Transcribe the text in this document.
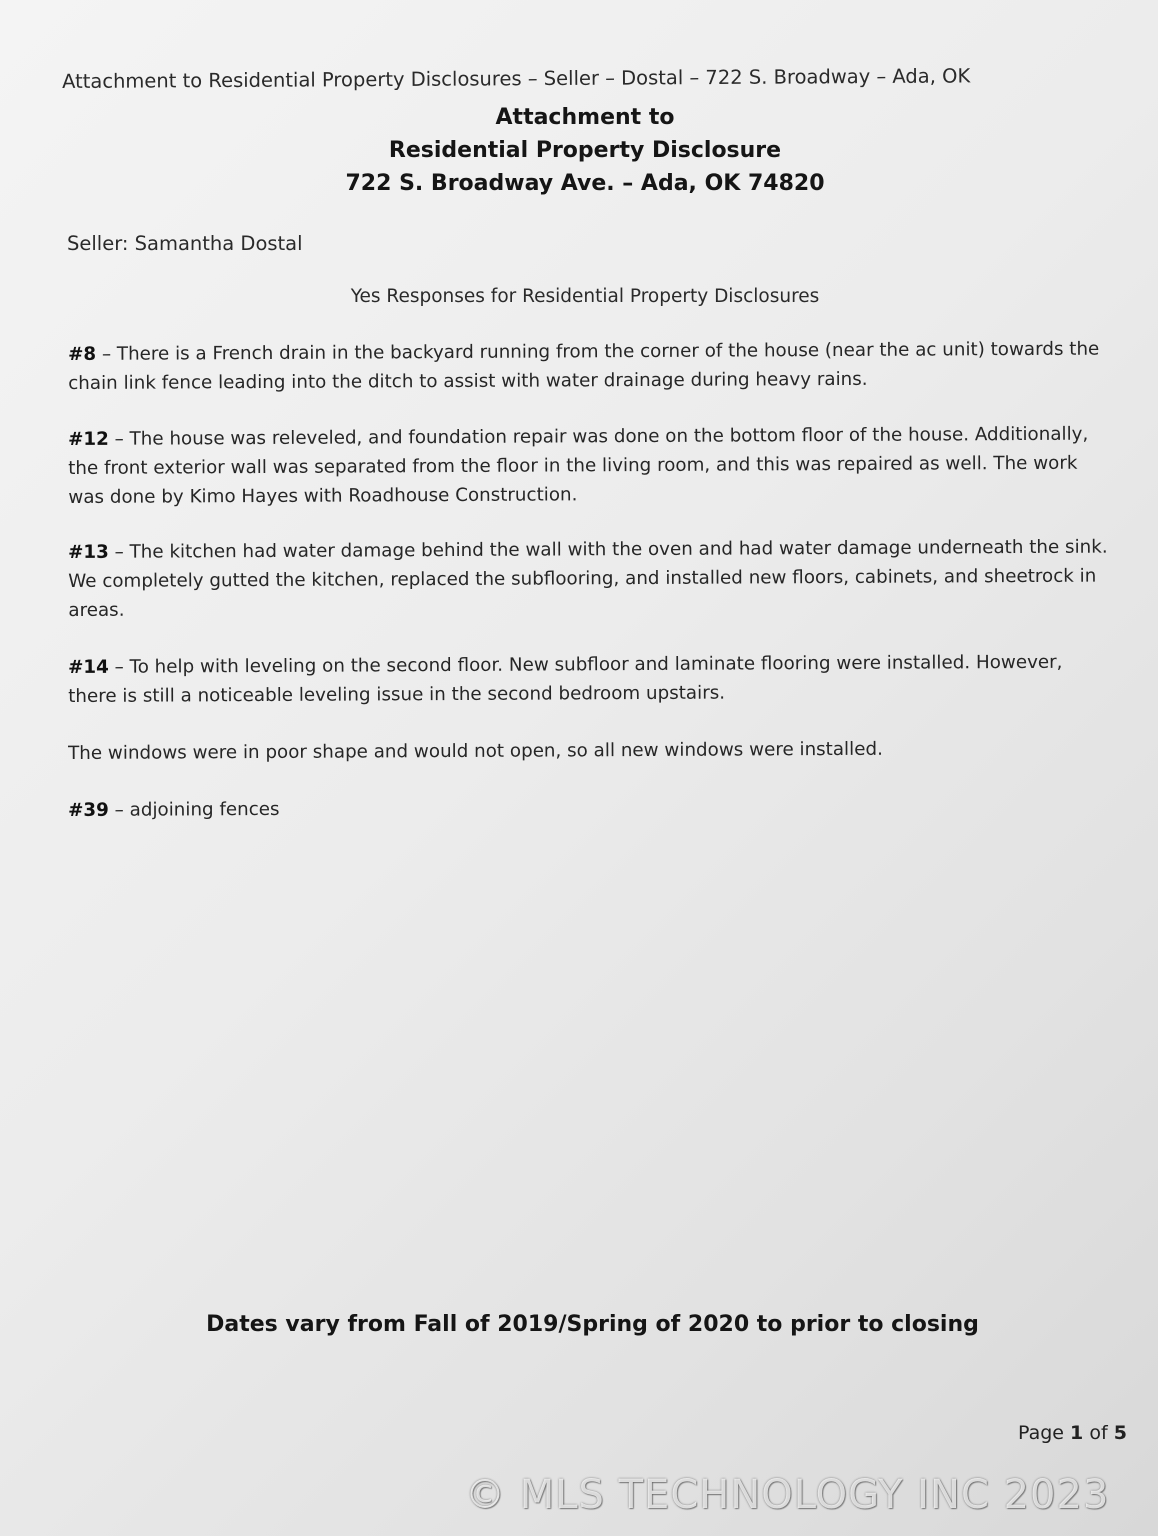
Attachment to Residential Property Disclosures – Seller – Dostal – 722 S. Broadway – Ada, OK
Attachment to
Residential Property Disclosure
722 S. Broadway Ave. – Ada, OK 74820
Seller: Samantha Dostal
Yes Responses for Residential Property Disclosures
#8 – There is a French drain in the backyard running from the corner of the house (near the ac unit) towards the chain link fence leading into the ditch to assist with water drainage during heavy rains.
#12 – The house was releveled, and foundation repair was done on the bottom floor of the house. Additionally, the front exterior wall was separated from the floor in the living room, and this was repaired as well. The work was done by Kimo Hayes with Roadhouse Construction.
#13 – The kitchen had water damage behind the wall with the oven and had water damage underneath the sink. We completely gutted the kitchen, replaced the subflooring, and installed new floors, cabinets, and sheetrock in areas.
#14 – To help with leveling on the second floor. New subfloor and laminate flooring were installed. However, there is still a noticeable leveling issue in the second bedroom upstairs.
The windows were in poor shape and would not open, so all new windows were installed.
#39 – adjoining fences
Dates vary from Fall of 2019/Spring of 2020 to prior to closing
Page 1 of 5
© MLS TECHNOLOGY INC 2023
